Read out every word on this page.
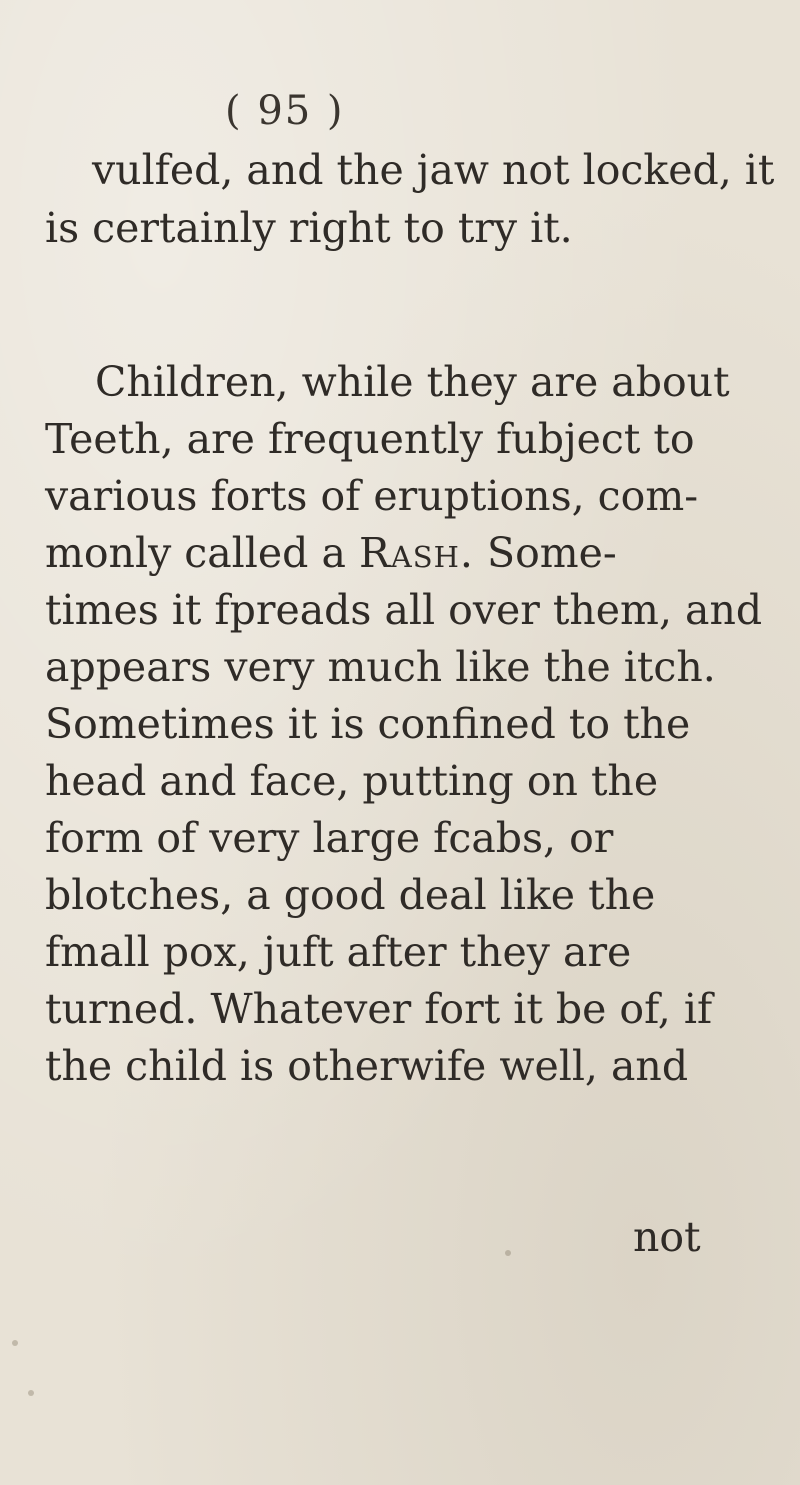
( 95 )
vulfed, and the jaw not locked, it
is certainly right to try it.
Children, while they are about
Teeth, are frequently fubject to
various forts of eruptions, com-
monly called a Rash. Some-
times it fpreads all over them, and
appears very much like the itch.
Sometimes it is confined to the
head and face, putting on the
form of very large fcabs, or
blotches, a good deal like the
fmall pox, juft after they are
turned. Whatever fort it be of, if
the child is otherwife well, and
not
